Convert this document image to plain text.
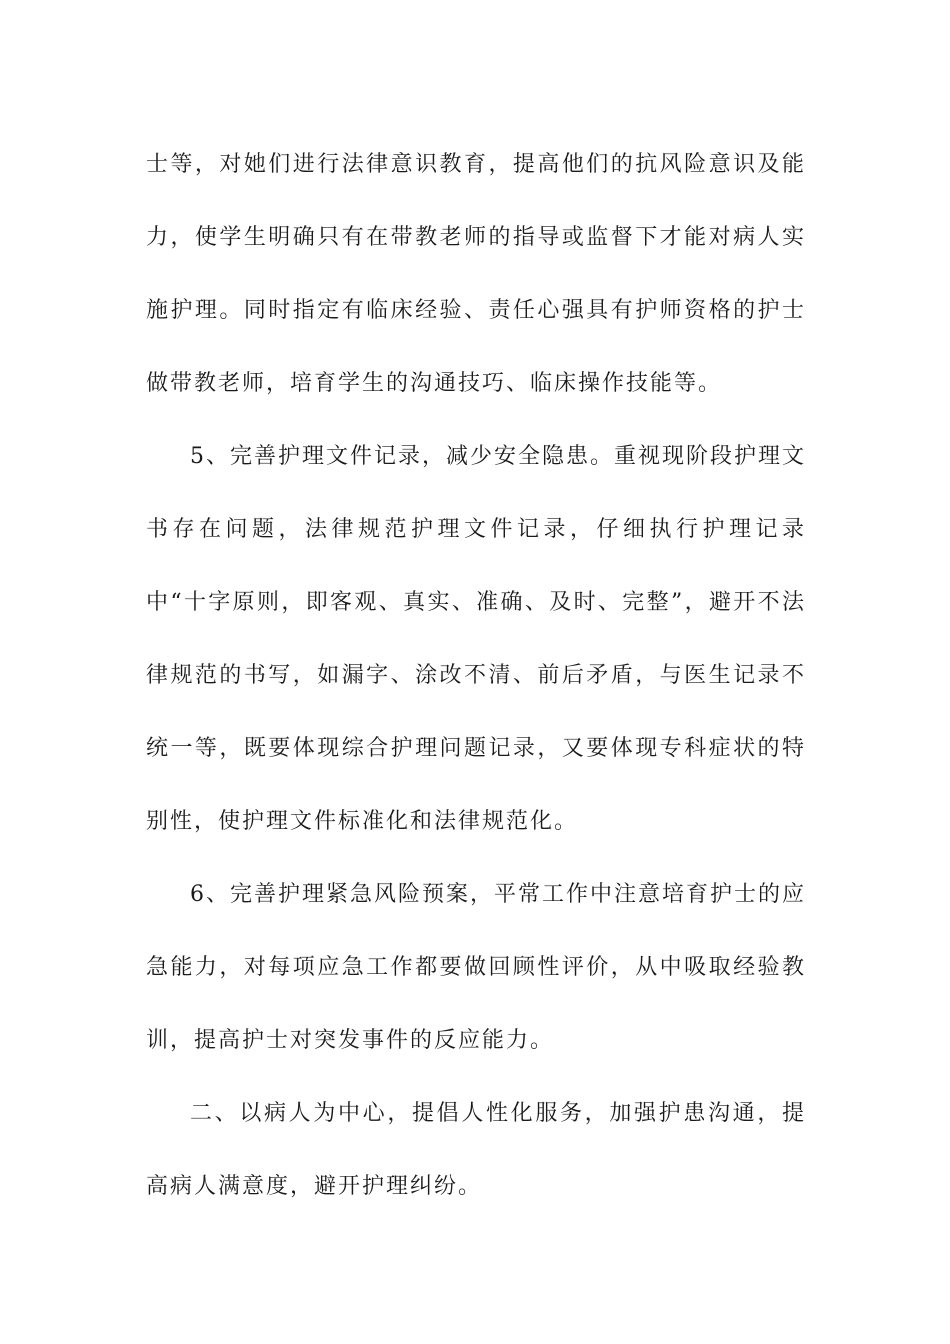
士等，对她们进行法律意识教育，提高他们的抗风险意识及能力，使学生明确只有在带教老师的指导或监督下才能对病人实施护理。同时指定有临床经验、责任心强具有护师资格的护士做带教老师，培育学生的沟通技巧、临床操作技能等。

5、完善护理文件记录，减少安全隐患。重视现阶段护理文书存在问题，法律规范护理文件记录，仔细执行护理记录中“十字原则，即客观、真实、准确、及时、完整”，避开不法律规范的书写，如漏字、涂改不清、前后矛盾，与医生记录不统一等，既要体现综合护理问题记录，又要体现专科症状的特别性，使护理文件标准化和法律规范化。

6、完善护理紧急风险预案，平常工作中注意培育护士的应急能力，对每项应急工作都要做回顾性评价，从中吸取经验教训，提高护士对突发事件的反应能力。

二、以病人为中心，提倡人性化服务，加强护患沟通，提高病人满意度，避开护理纠纷。
